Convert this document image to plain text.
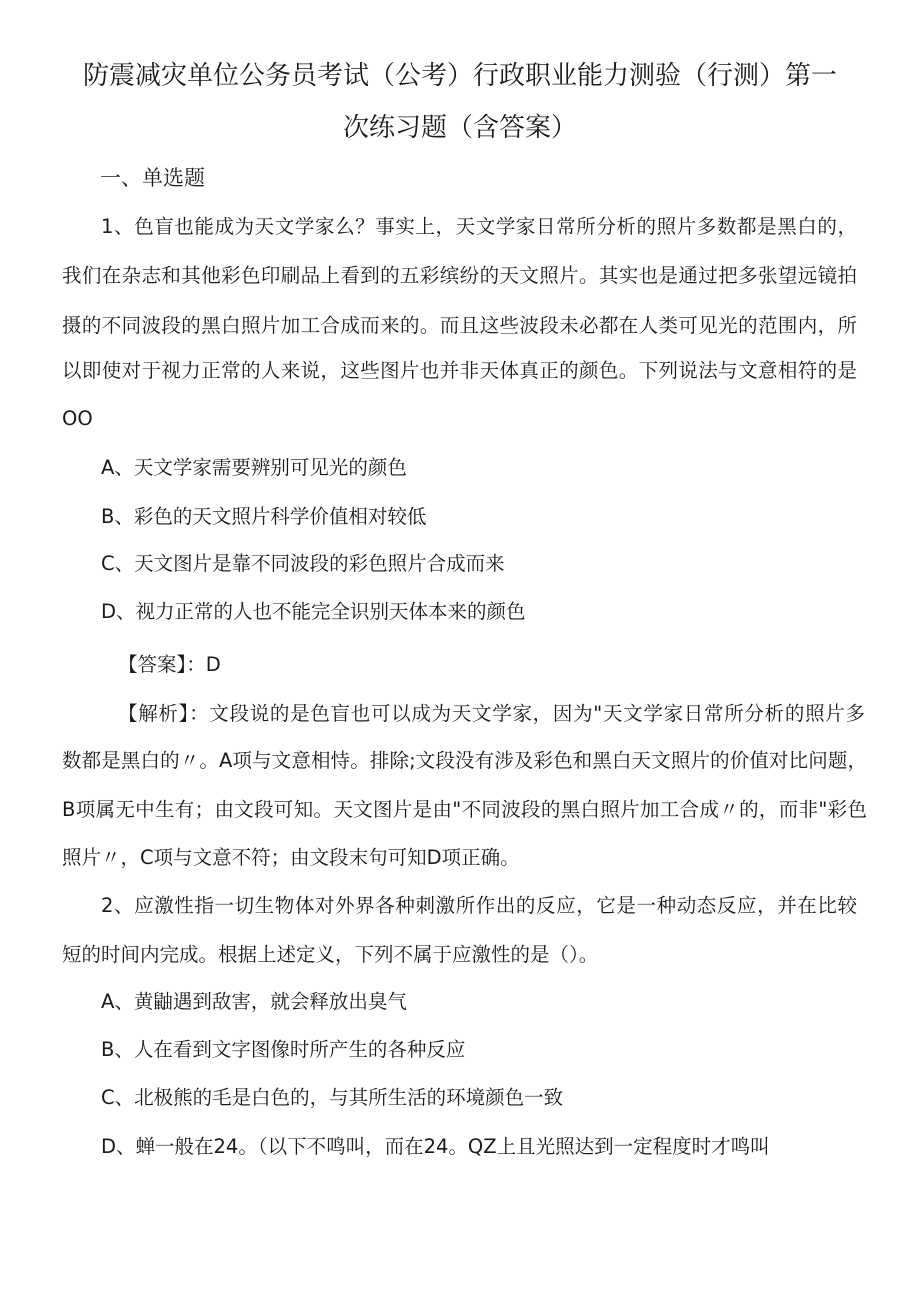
防震减灾单位公务员考试（公考）行政职业能力测验（行测）第一
次练习题（含答案）
一、单选题

1、色盲也能成为天文学家么？事实上，天文学家日常所分析的照片多数都是黑白的，

我们在杂志和其他彩色印刷品上看到的五彩缤纷的天文照片。其实也是通过把多张望远镜拍

摄的不同波段的黑白照片加工合成而来的。而且这些波段未必都在人类可见光的范围内，所

以即使对于视力正常的人来说，这些图片也并非天体真正的颜色。下列说法与文意相符的是

OO

A、天文学家需要辨别可见光的颜色

B、彩色的天文照片科学价值相对较低

C、天文图片是靠不同波段的彩色照片合成而来

D、视力正常的人也不能完全识别天体本来的颜色

【答案】：D

【解析】：文段说的是色盲也可以成为天文学家，因为"天文学家日常所分析的照片多

数都是黑白的〃。A项与文意相恃。排除;文段没有涉及彩色和黑白天文照片的价值对比问题，

B项属无中生有；由文段可知。天文图片是由"不同波段的黑白照片加工合成〃的，而非"彩色

照片〃，C项与文意不符；由文段末句可知D项正确。

2、应激性指一切生物体对外界各种刺激所作出的反应，它是一种动态反应，并在比较

短的时间内完成。根据上述定义，下列不属于应激性的是（）。

A、黄鼬遇到敌害，就会释放出臭气

B、人在看到文字图像时所产生的各种反应

C、北极熊的毛是白色的，与其所生活的环境颜色一致

D、蝉一般在24。（以下不鸣叫，而在24。QZ上且光照达到一定程度时才鸣叫
